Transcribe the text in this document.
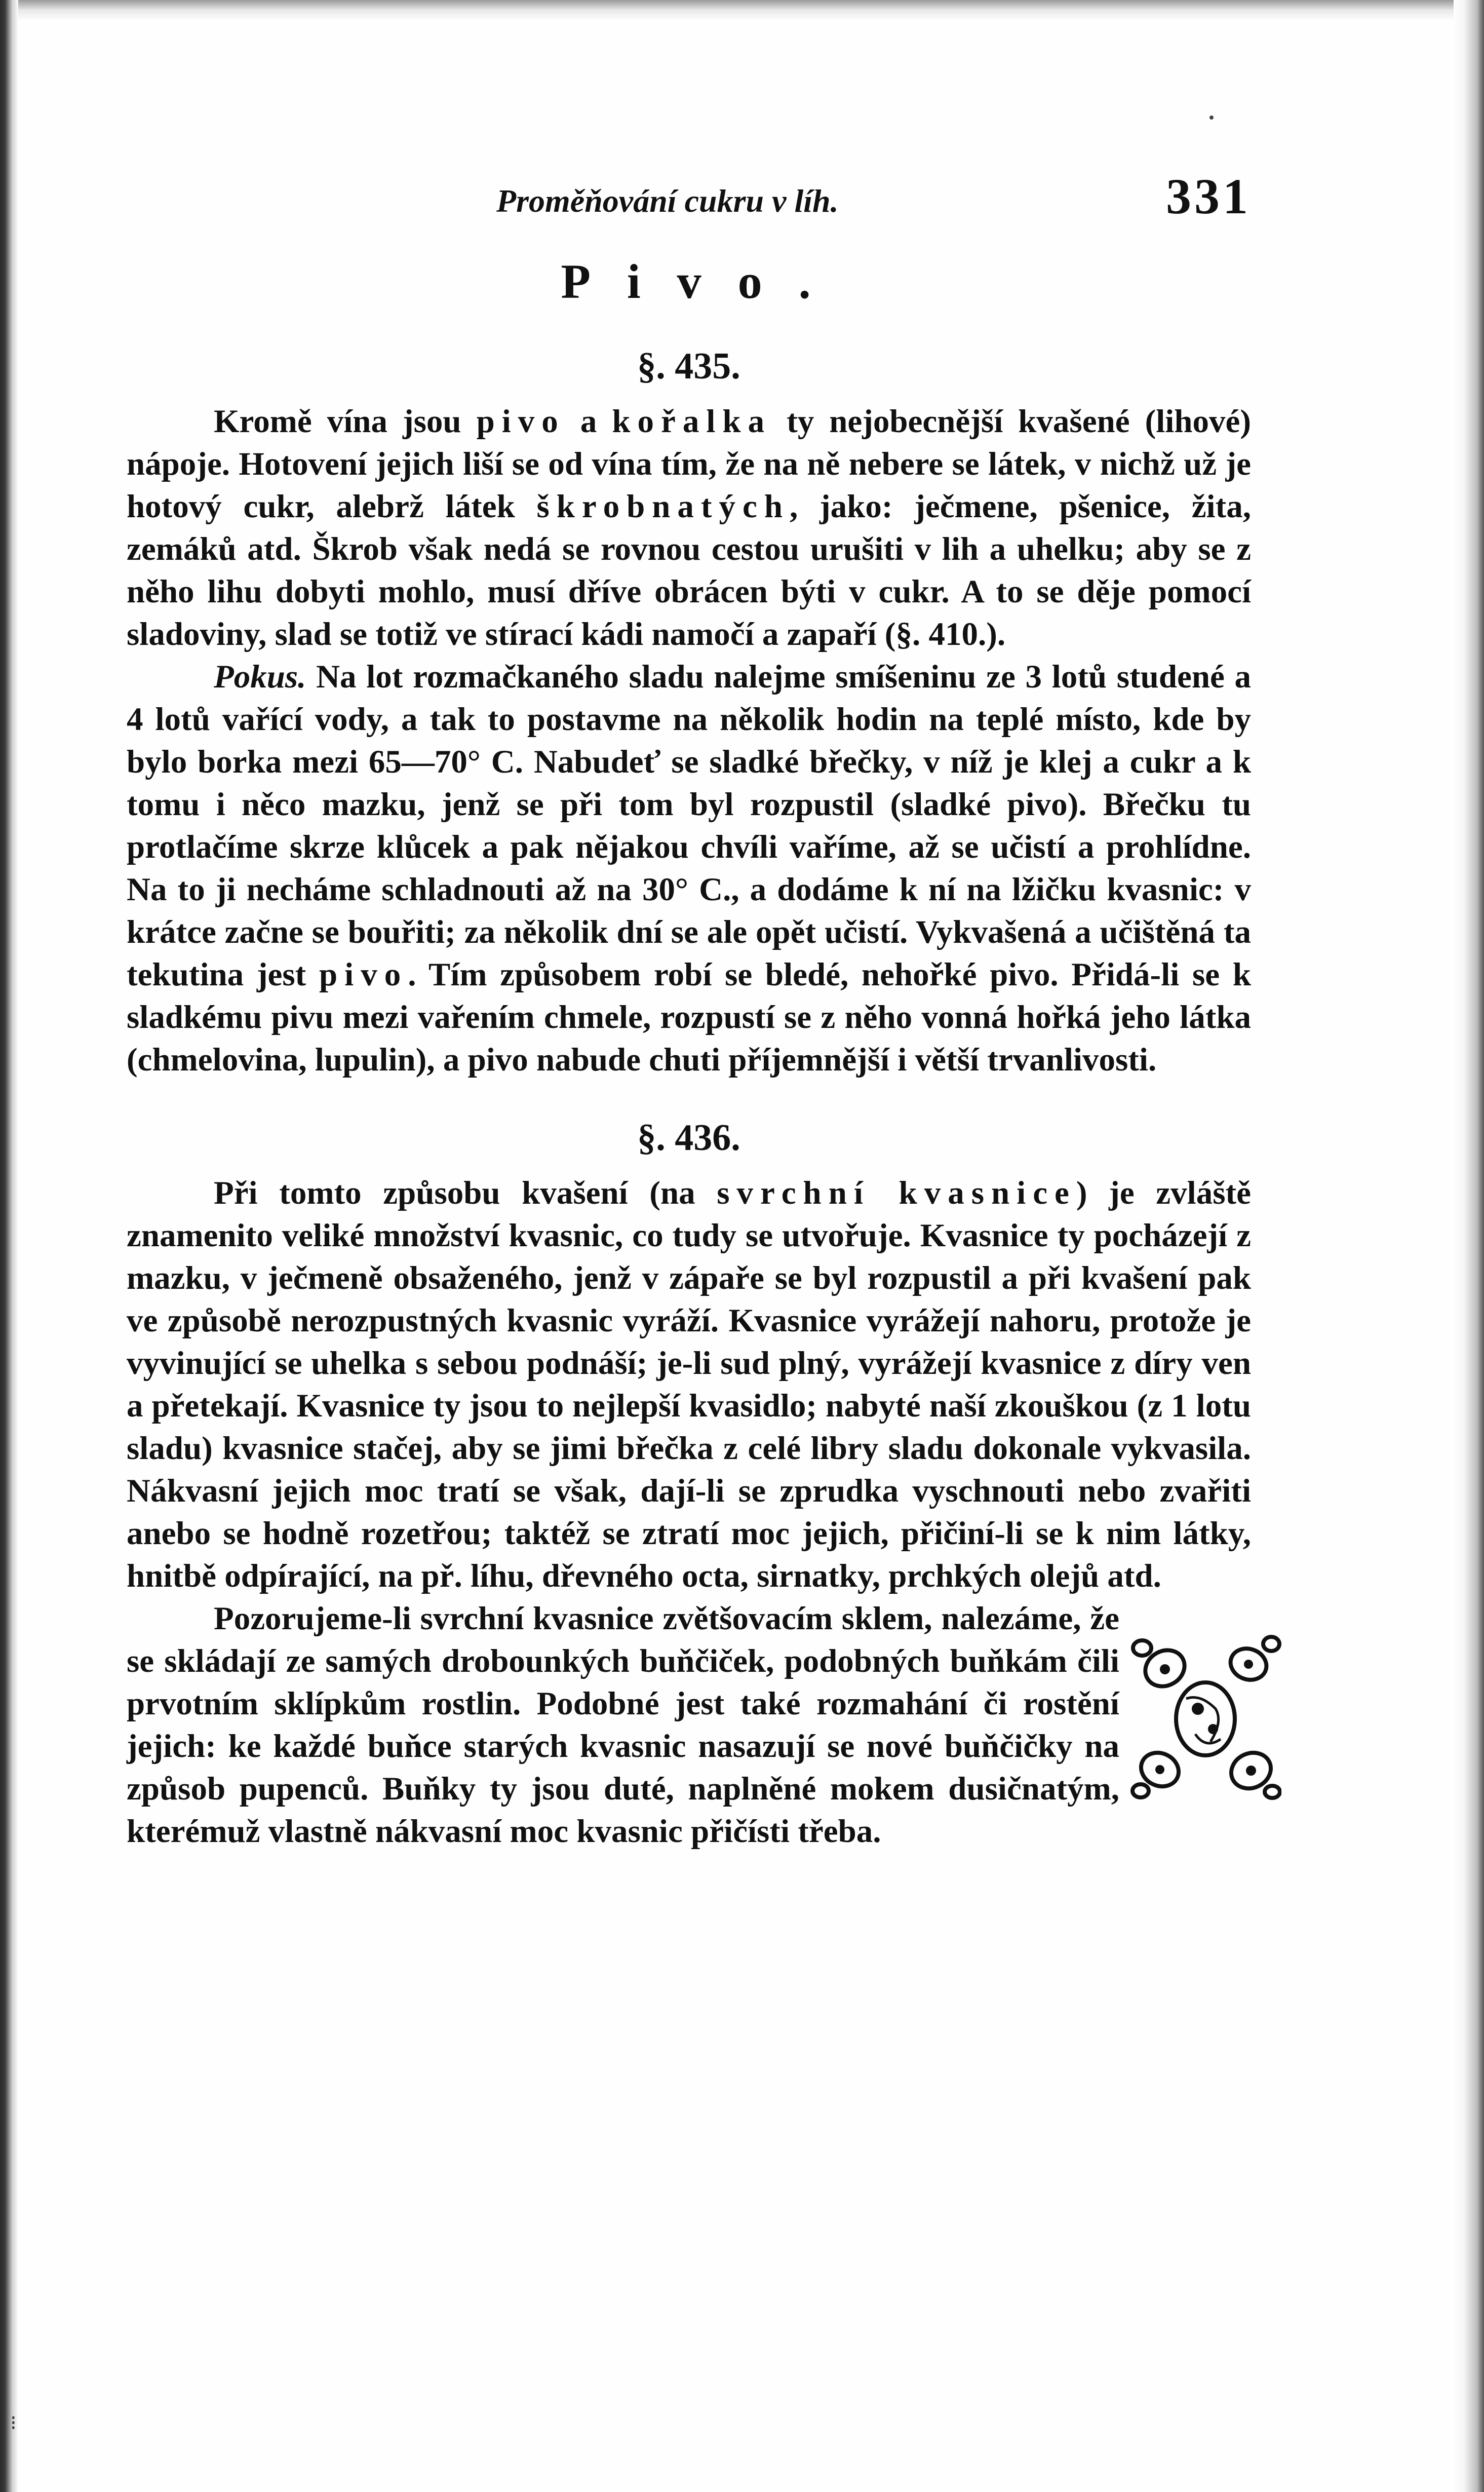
Proměňování cukru v líh.	331
Pivo.
§. 435.

Kromě vína jsou pivo a kořalka ty nejobecnější kvašené (lihové) nápoje. Hotovení jejich liší se od vína tím, že na ně nebere se látek, v nichž už je hotový cukr, alebrž látek škrobnatých, jako: ječmene, pšenice, žita, zemáků atd. Škrob však nedá se rovnou cestou urušiti v lih a uhelku; aby se z něho lihu dobyti mohlo, musí dříve obrácen býti v cukr. A to se děje pomocí sladoviny, slad se totiž ve stírací kádi namočí a zapaří (§. 410.).

Pokus. Na lot rozmačkaného sladu nalejme smíšeninu ze 3 lotů studené a 4 lotů vařící vody, a tak to postavme na několik hodin na teplé místo, kde by bylo borka mezi 65—70° C. Nabudeť se sladké břečky, v níž je klej a cukr a k tomu i něco mazku, jenž se při tom byl rozpustil (sladké pivo). Břečku tu protlačíme skrze klůcek a pak nějakou chvíli vaříme, až se učistí a prohlídne. Na to ji necháme schladnouti až na 30° C., a dodáme k ní na lžičku kvasnic: v krátce začne se bouřiti; za několik dní se ale opět učistí. Vykvašená a učištěná ta tekutina jest pivo. Tím způsobem robí se bledé, nehořké pivo. Přidá-li se k sladkému pivu mezi vařením chmele, rozpustí se z něho vonná hořká jeho látka (chmelovina, lupulin), a pivo nabude chuti příjemnější i větší trvanlivosti.

§. 436.

Při tomto způsobu kvašení (na svrchní kvasnice) je zvláště znamenito veliké množství kvasnic, co tudy se utvořuje. Kvasnice ty pocházejí z mazku, v ječmeně obsaženého, jenž v zápaře se byl rozpustil a při kvašení pak ve způsobě nerozpustných kvasnic vyráží. Kvasnice vyrážejí nahoru, protože je vyvinující se uhelka s sebou podnáší; je-li sud plný, vyrážejí kvasnice z díry ven a přetekají. Kvasnice ty jsou to nejlepší kvasidlo; nabyté naší zkouškou (z 1 lotu sladu) kvasnice stačej, aby se jimi břečka z celé libry sladu dokonale vykvasila. Nákvasní jejich moc tratí se však, dají-li se zprudka vyschnouti nebo zvařiti anebo se hodně rozetřou; taktéž se ztratí moc jejich, přičiní-li se k nim látky, hnitbě odpírající, na př. líhu, dřevného octa, sirnatky, prchkých olejů atd.

Pozorujeme-li svrchní kvasnice zvětšovacím sklem, nalezáme, že se skládají ze samých drobounkých buňčiček, podobných buňkám čili prvotním sklípkům rostlin. Podobné jest také rozmahání či rostění jejich: ke každé buňce starých kvasnic nasazují se nové buňčičky na způsob pupenců. Buňky ty jsou duté, naplněné mokem dusičnatým, kterémuž vlastně nákvasní moc kvasnic přičísti třeba.

⁝
